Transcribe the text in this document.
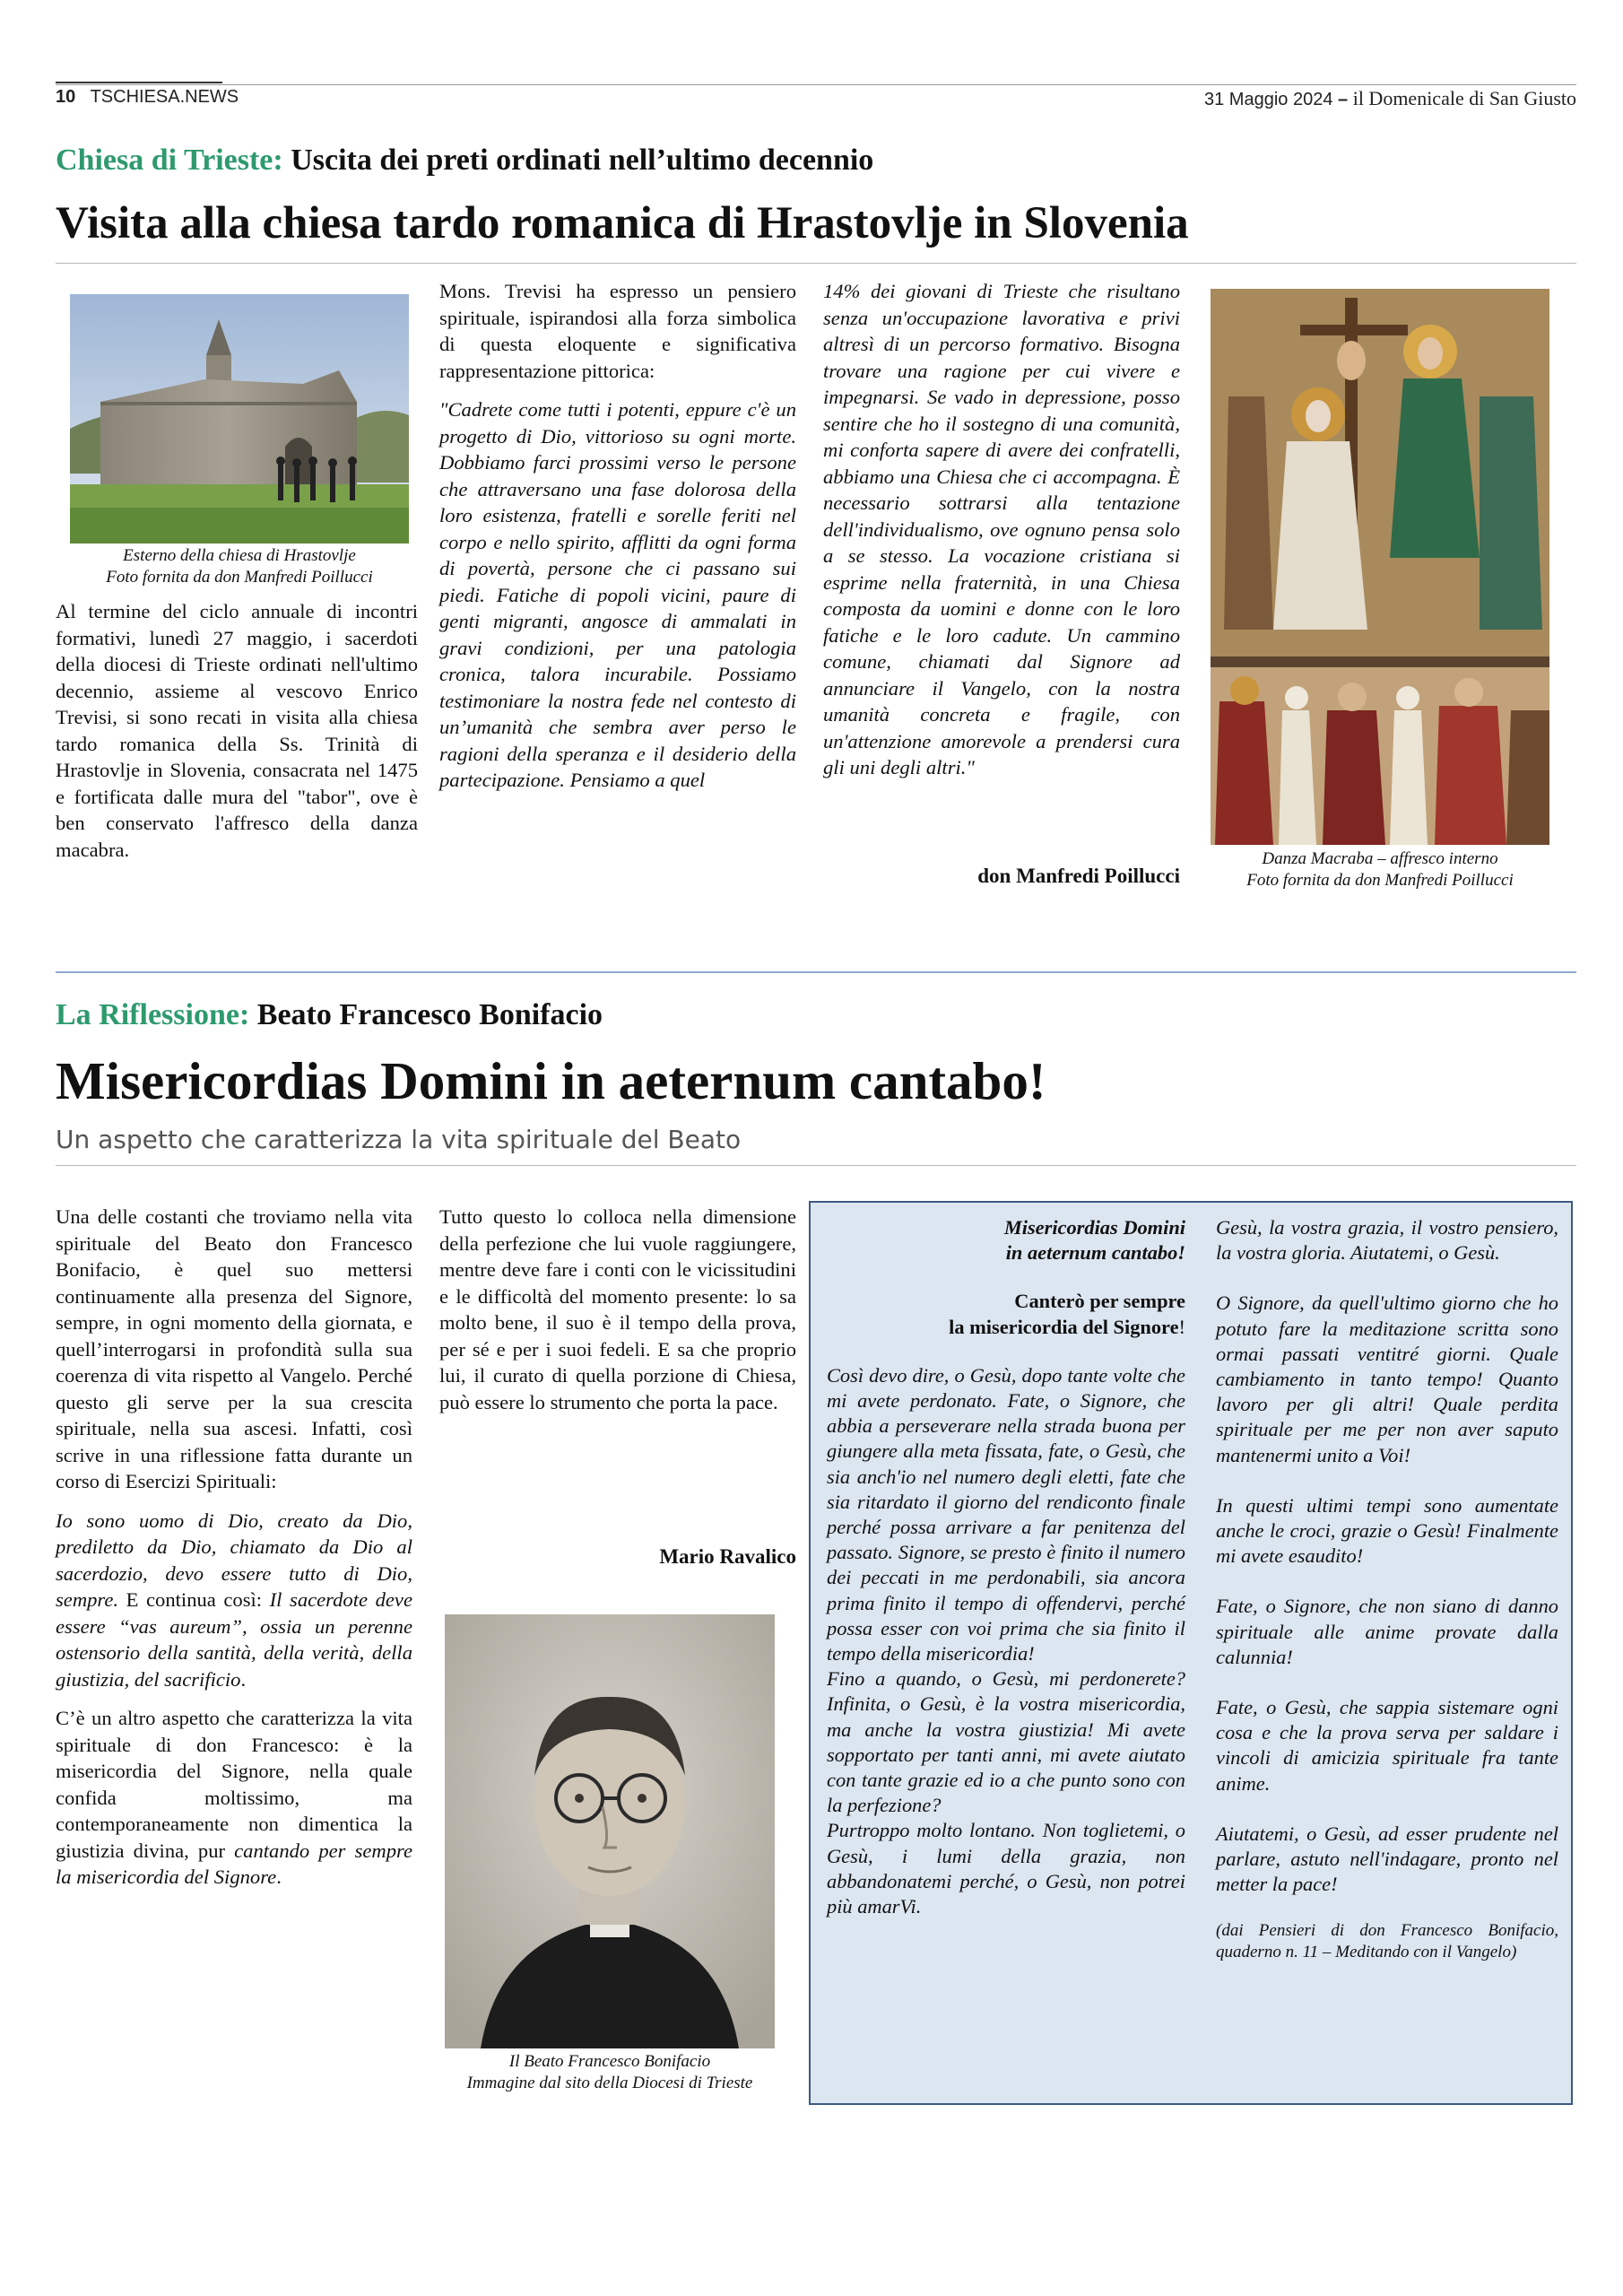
10 TSCHIESA.NEWS	31 Maggio 2024 – il Domenicale di San Giusto
Chiesa di Trieste: Uscita dei preti ordinati nell’ultimo decennio
Visita alla chiesa tardo romanica di Hrastovlje in Slovenia
Esterno della chiesa di Hrastovlje
Foto fornita da don Manfredi Poillucci

Al termine del ciclo annuale di incontri formativi, lunedì 27 maggio, i sacerdoti della diocesi di Trieste ordinati nell'ultimo decennio, assieme al vescovo Enrico Trevisi, si sono recati in visita alla chiesa tardo romanica della Ss. Trinità di Hrastovlje in Slovenia, consacrata nel 1475 e fortificata dalle mura del "tabor", ove è ben conservato l'affresco della danza macabra.

Mons. Trevisi ha espresso un pensiero spirituale, ispirandosi alla forza simbolica di questa eloquente e significativa rappresentazione pittorica:

"Cadrete come tutti i potenti, eppure c'è un progetto di Dio, vittorioso su ogni morte. Dobbiamo farci prossimi verso le persone che attraversano una fase dolorosa della loro esistenza, fratelli e sorelle feriti nel corpo e nello spirito, afflitti da ogni forma di povertà, persone che ci passano sui piedi. Fatiche di popoli vicini, paure di genti migranti, angosce di ammalati in gravi condizioni, per una patologia cronica, talora incurabile. Possiamo testimoniare la nostra fede nel contesto di un’umanità che sembra aver perso le ragioni della speranza e il desiderio della partecipazione. Pensiamo a quel

14% dei giovani di Trieste che risultano senza un'occupazione lavorativa e privi altresì di un percorso formativo. Bisogna trovare una ragione per cui vivere e impegnarsi. Se vado in depressione, posso sentire che ho il sostegno di una comunità, mi conforta sapere di avere dei confratelli, abbiamo una Chiesa che ci accompagna. È necessario sottrarsi alla tentazione dell'individualismo, ove ognuno pensa solo a se stesso. La vocazione cristiana si esprime nella fraternità, in una Chiesa composta da uomini e donne con le loro fatiche e le loro cadute. Un cammino comune, chiamati dal Signore ad annunciare il Vangelo, con la nostra umanità concreta e fragile, con un'attenzione amorevole a prendersi cura gli uni degli altri."

don Manfredi Poillucci
Danza Macraba – affresco interno
Foto fornita da don Manfredi Poillucci
La Riflessione: Beato Francesco Bonifacio
Misericordias Domini in aeternum cantabo!
Un aspetto che caratterizza la vita spirituale del Beato

Una delle costanti che troviamo nella vita spirituale del Beato don Francesco Bonifacio, è quel suo mettersi continuamente alla presenza del Signore, sempre, in ogni momento della giornata, e quell’interrogarsi in profondità sulla sua coerenza di vita rispetto al Vangelo. Perché questo gli serve per la sua crescita spirituale, nella sua ascesi. Infatti, così scrive in una riflessione fatta durante un corso di Esercizi Spirituali:

Io sono uomo di Dio, creato da Dio, prediletto da Dio, chiamato da Dio al sacerdozio, devo essere tutto di Dio, sempre. E continua così: Il sacerdote deve essere “vas aureum”, ossia un perenne ostensorio della santità, della verità, della giustizia, del sacrificio.

C’è un altro aspetto che caratterizza la vita spirituale di don Francesco: è la misericordia del Signore, nella quale confida moltissimo, ma contemporaneamente non dimentica la giustizia divina, pur cantando per sempre la misericordia del Signore.

Tutto questo lo colloca nella dimensione della perfezione che lui vuole raggiungere, mentre deve fare i conti con le vicissitudini e le difficoltà del momento presente: lo sa molto bene, il suo è il tempo della prova, per sé e per i suoi fedeli. E sa che proprio lui, il curato di quella porzione di Chiesa, può essere lo strumento che porta la pace.

Mario Ravalico
Il Beato Francesco Bonifacio
Immagine dal sito della Diocesi di Trieste
Misericordias Domini
in aeternum cantabo!
Canterò per sempre
la misericordia del Signore!

Così devo dire, o Gesù, dopo tante volte che mi avete perdonato. Fate, o Signore, che abbia a perseverare nella strada buona per giungere alla meta fissata, fate, o Gesù, che sia anch'io nel numero degli eletti, fate che sia ritardato il giorno del rendiconto finale perché possa arrivare a far penitenza del passato. Signore, se presto è finito il numero dei peccati in me perdonabili, sia ancora prima finito il tempo di offendervi, perché possa esser con voi prima che sia finito il tempo della misericordia!

Fino a quando, o Gesù, mi perdonerete? Infinita, o Gesù, è la vostra misericordia, ma anche la vostra giustizia! Mi avete sopportato per tanti anni, mi avete aiutato con tante grazie ed io a che punto sono con la perfezione?

Purtroppo molto lontano. Non toglietemi, o Gesù, i lumi della grazia, non abbandonatemi perché, o Gesù, non potrei più amarVi.

Gesù, la vostra grazia, il vostro pensiero, la vostra gloria. Aiutatemi, o Gesù.

O Signore, da quell'ultimo giorno che ho potuto fare la meditazione scritta sono ormai passati ventitré giorni. Quale cambiamento in tanto tempo! Quanto lavoro per gli altri! Quale perdita spirituale per me per non aver saputo mantenermi unito a Voi!

In questi ultimi tempi sono aumentate anche le croci, grazie o Gesù! Finalmente mi avete esaudito!

Fate, o Signore, che non siano di danno spirituale alle anime provate dalla calunnia!

Fate, o Gesù, che sappia sistemare ogni cosa e che la prova serva per saldare i vincoli di amicizia spirituale fra tante anime.

Aiutatemi, o Gesù, ad esser prudente nel parlare, astuto nell'indagare, pronto nel metter la pace!

(dai Pensieri di don Francesco Bonifacio, quaderno n. 11 – Meditando con il Vangelo)
